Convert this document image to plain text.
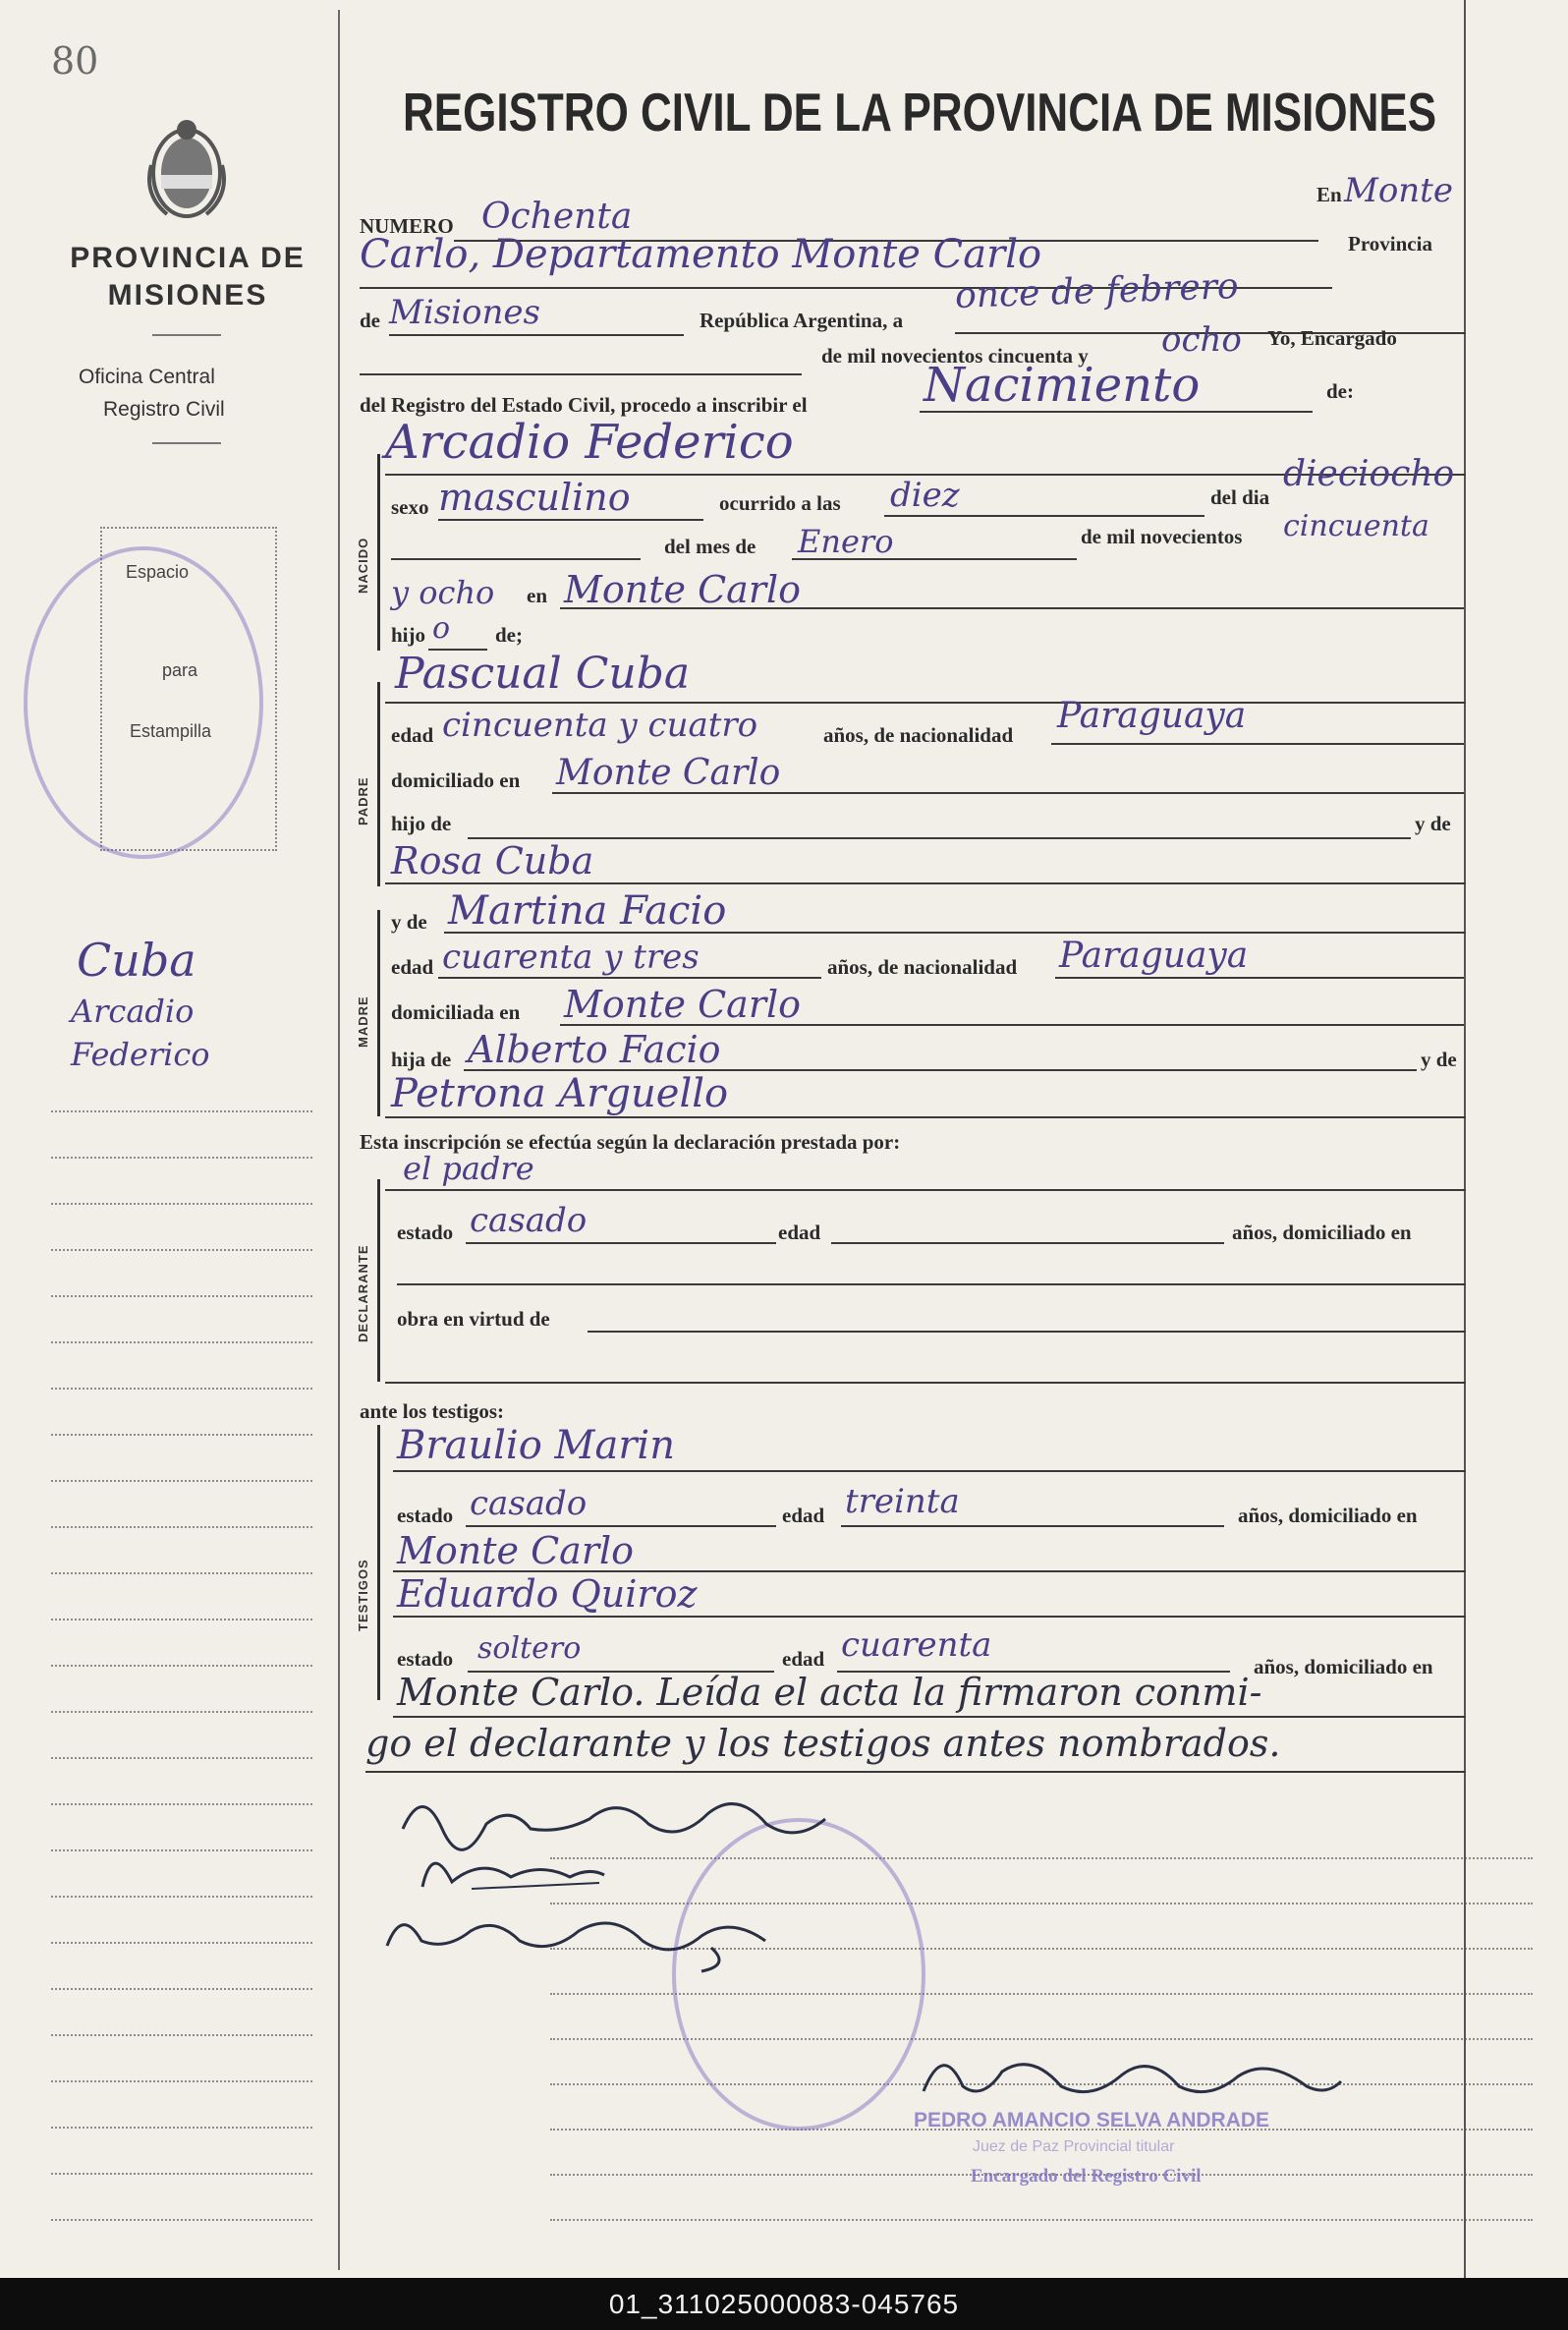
80
PROVINCIA DE MISIONES
Oficina Central
Registro Civil
Espacio
para
Estampilla
Cuba
Arcadio
Federico
REGISTRO CIVIL DE LA PROVINCIA DE MISIONES
NUMERO Ochenta
En Monte
Carlo, Departamento Monte Carlo	Provincia
de Misiones	República Argentina, a
once de febrero
de mil novecientos cincuenta y ocho Yo, Encargado
del Registro del Estado Civil, procedo a inscribir el Nacimiento	de:
Arcadio Federico
NACIDO
sexo masculino	ocurrido a las diez	del dia
dieciocho
del mes de Enero	de mil novecientos cincuenta
y ocho en Monte Carlo
hijo o de;
Pascual Cuba
PADRE
edad cincuenta y cuatro	años, de nacionalidad Paraguaya
domiciliado en Monte Carlo
hijo de	y de
Rosa Cuba
y de Martina Facio
MADRE
edad cuarenta y tres	años, de nacionalidad Paraguaya
domiciliada en Monte Carlo
hija de Alberto Facio	y de
Petrona Arguello
Esta inscripción se efectúa según la declaración prestada por:
el padre
DECLARANTE
estado casado	edad	años, domiciliado en
obra en virtud de
ante los testigos:
TESTIGOS
Braulio Marin
estado casado	edad treinta	años, domiciliado en
Monte Carlo
Eduardo Quiroz
estado soltero	edad cuarenta
años, domiciliado en
Monte Carlo. Leída el acta la firmaron conmi-
go el declarante y los testigos antes nombrados.
PEDRO AMANCIO SELVA ANDRADE
Juez de Paz Provincial titular
Encargado del Registro Civil
01_311025000083-045765
